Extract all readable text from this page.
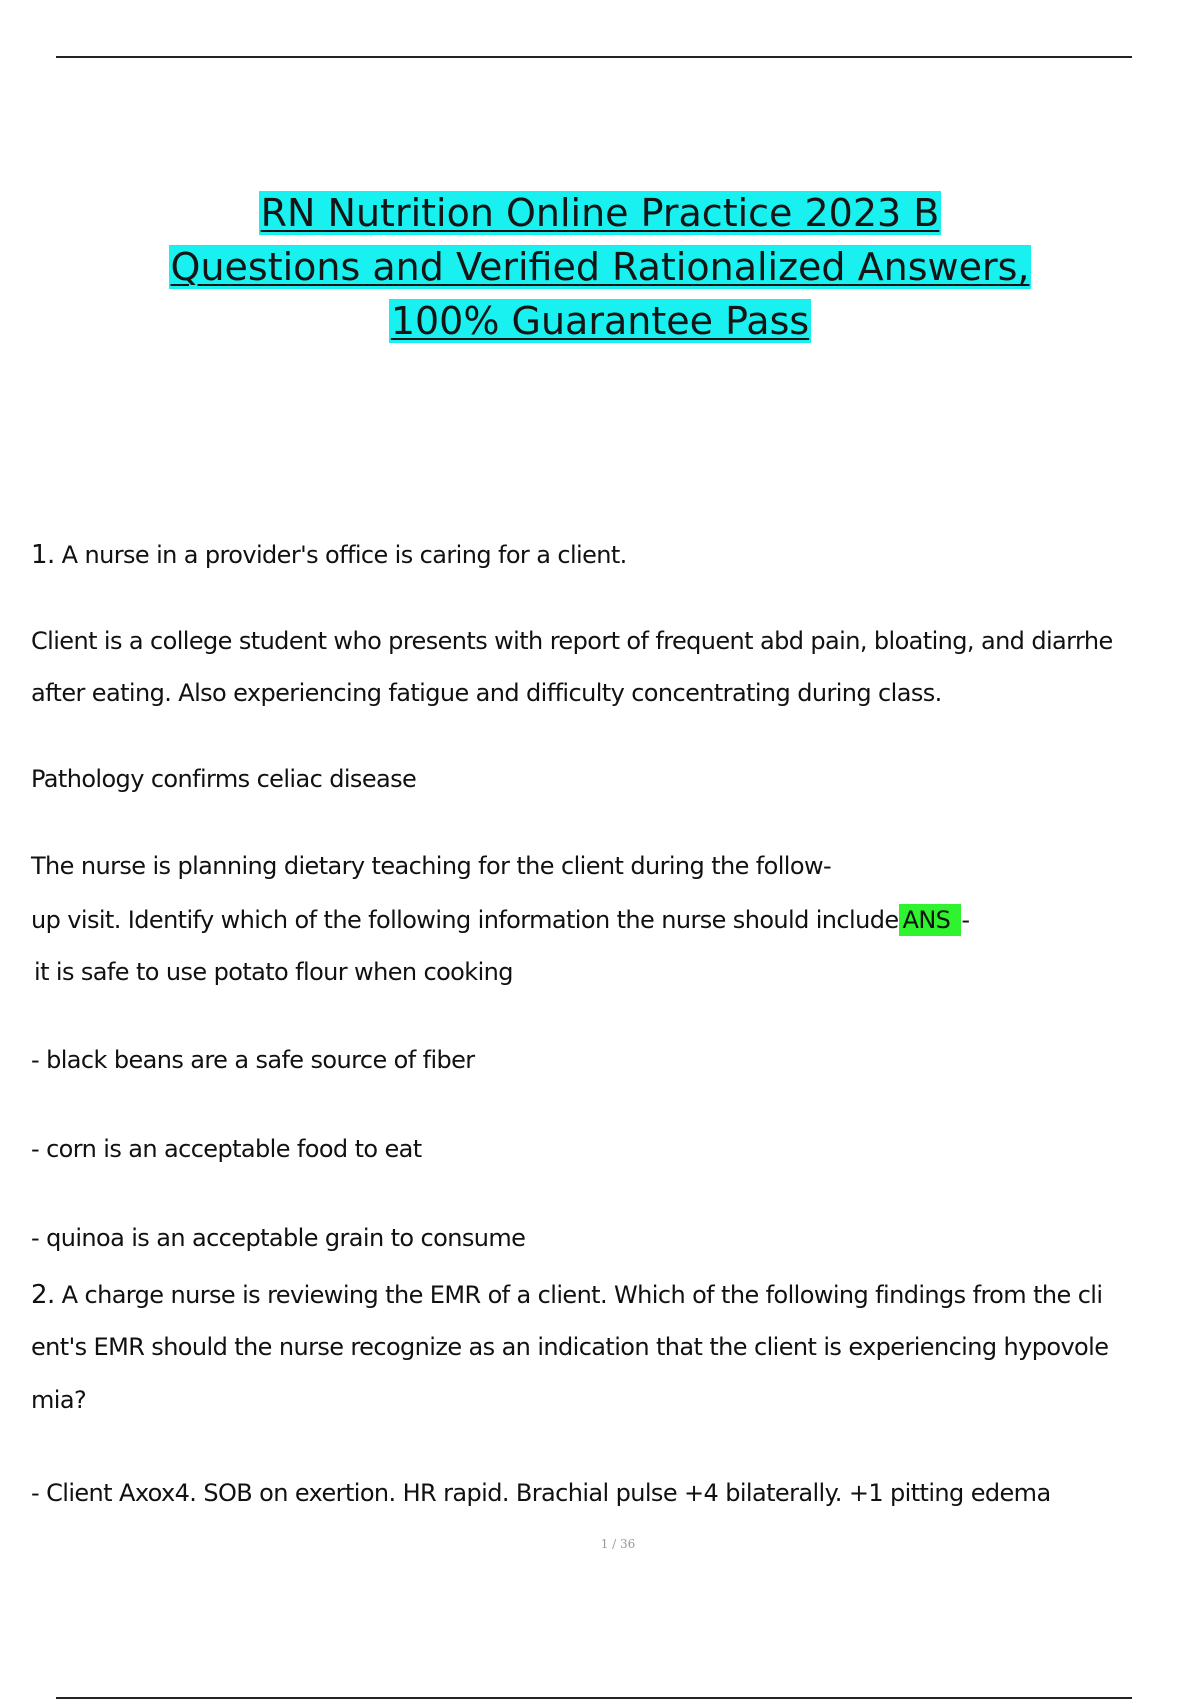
RN Nutrition Online Practice 2023 B
Questions and Verified Rationalized Answers,
100% Guarantee Pass
1. A nurse in a provider's office is caring for a client.
Client is a college student who presents with report of frequent abd pain, bloating, and diarrhe
after eating. Also experiencing fatigue and difficulty concentrating during class.
Pathology confirms celiac disease
The nurse is planning dietary teaching for the client during the follow-
up visit. Identify which of the following information the nurse should include ANS -
it is safe to use potato flour when cooking
- black beans are a safe source of fiber
- corn is an acceptable food to eat
- quinoa is an acceptable grain to consume
2. A charge nurse is reviewing the EMR of a client. Which of the following findings from the cli
ent's EMR should the nurse recognize as an indication that the client is experiencing hypovole
mia?
- Client Axox4. SOB on exertion. HR rapid. Brachial pulse +4 bilaterally. +1 pitting edema
1 / 36
